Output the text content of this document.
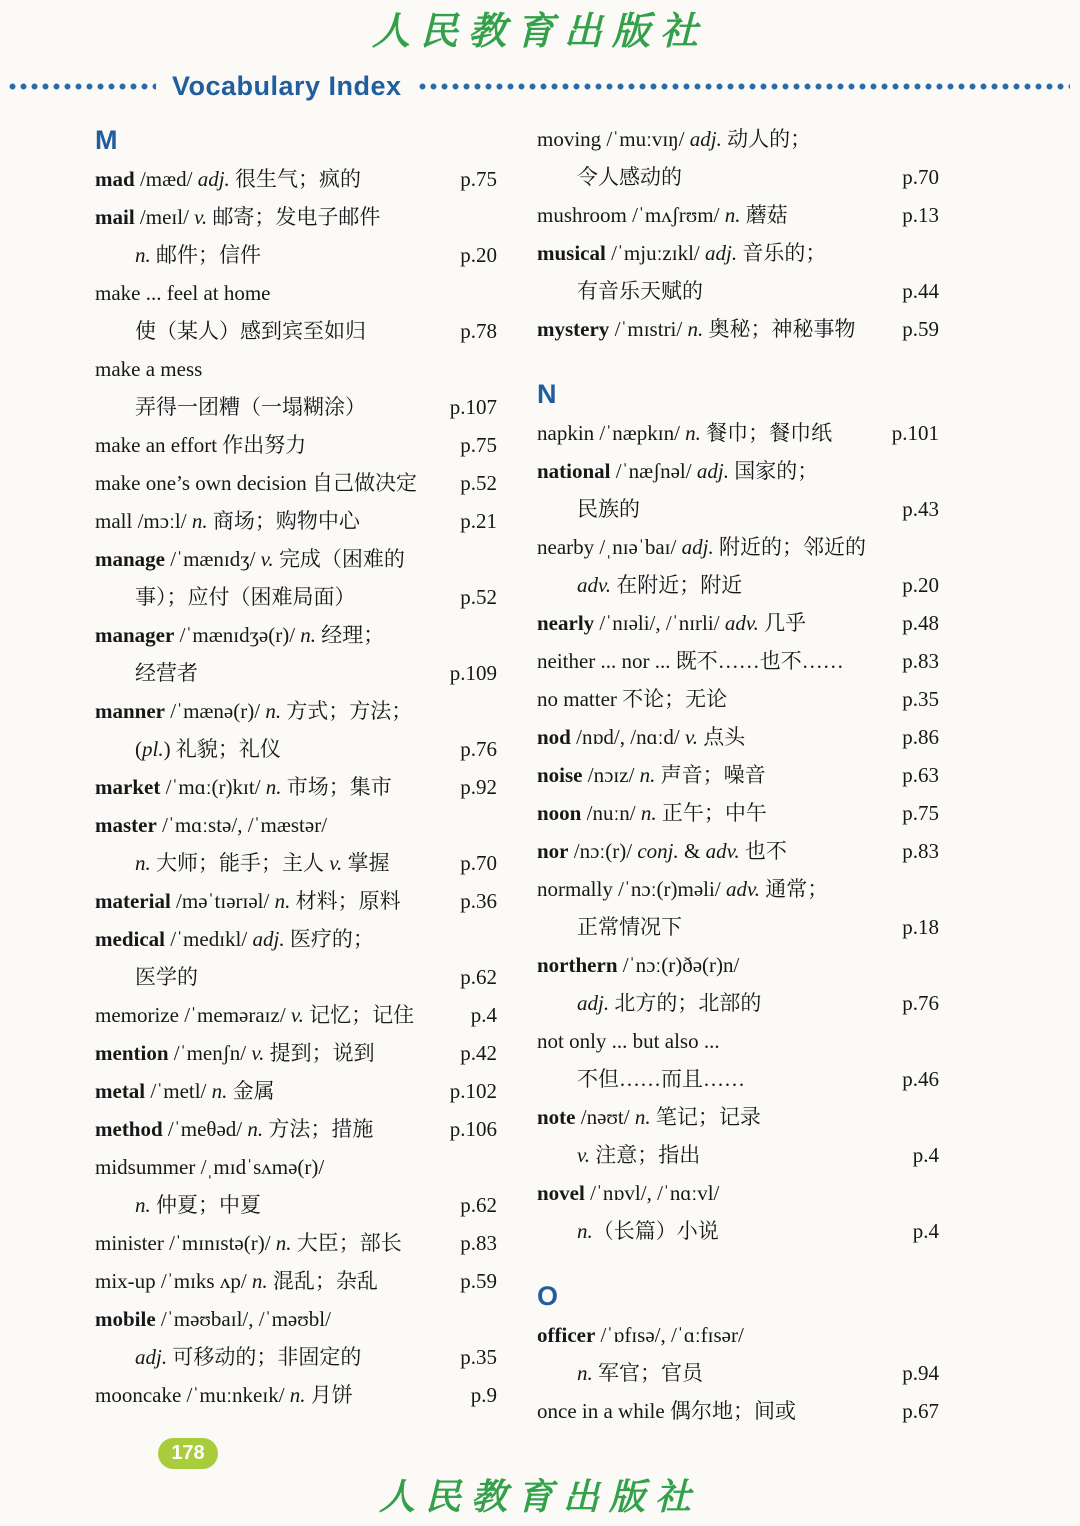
人民教育出版社
Vocabulary Index
M
mad /mæd/ adj. 很生气；疯的	p.75
mail /meɪl/ v. 邮寄；发电子邮件
n. 邮件；信件	p.20
make ... feel at home
使（某人）感到宾至如归	p.78
make a mess
弄得一团糟（一塌糊涂）	p.107
make an effort 作出努力	p.75
make one’s own decision 自己做决定	p.52
mall /mɔːl/ n. 商场；购物中心	p.21
manage /ˈmænɪdʒ/ v. 完成（困难的
事）；应付（困难局面）	p.52
manager /ˈmænɪdʒə(r)/ n. 经理；
经营者	p.109
manner /ˈmænə(r)/ n. 方式；方法；
(pl.) 礼貌；礼仪	p.76
market /ˈmɑː(r)kɪt/ n. 市场；集市	p.92
master /ˈmɑːstə/, /ˈmæstər/
n. 大师；能手；主人 v. 掌握	p.70
material /məˈtɪərɪəl/ n. 材料；原料	p.36
medical /ˈmedɪkl/ adj. 医疗的；
医学的	p.62
memorize /ˈmeməraɪz/ v. 记忆；记住	p.4
mention /ˈmenʃn/ v. 提到；说到	p.42
metal /ˈmetl/ n. 金属	p.102
method /ˈmeθəd/ n. 方法；措施	p.106
midsummer /ˌmɪdˈsʌmə(r)/
n. 仲夏；中夏	p.62
minister /ˈmɪnɪstə(r)/ n. 大臣；部长	p.83
mix-up /ˈmɪks ʌp/ n. 混乱；杂乱	p.59
mobile /ˈməʊbaɪl/, /ˈməʊbl/
adj. 可移动的；非固定的	p.35
mooncake /ˈmuːnkeɪk/ n. 月饼	p.9
moving /ˈmuːvɪŋ/ adj. 动人的；
令人感动的	p.70
mushroom /ˈmʌʃrʊm/ n. 蘑菇	p.13
musical /ˈmjuːzɪkl/ adj. 音乐的；
有音乐天赋的	p.44
mystery /ˈmɪstri/ n. 奥秘；神秘事物	p.59
N
napkin /ˈnæpkɪn/ n. 餐巾；餐巾纸	p.101
national /ˈnæʃnəl/ adj. 国家的；
民族的	p.43
nearby /ˌnɪəˈbaɪ/ adj. 附近的；邻近的
adv. 在附近；附近	p.20
nearly /ˈnɪəli/, /ˈnɪrli/ adv. 几乎	p.48
neither ... nor ... 既不……也不……	p.83
no matter 不论；无论	p.35
nod /nɒd/, /nɑːd/ v. 点头	p.86
noise /nɔɪz/ n. 声音；噪音	p.63
noon /nuːn/ n. 正午；中午	p.75
nor /nɔː(r)/ conj. & adv. 也不	p.83
normally /ˈnɔː(r)məli/ adv. 通常；
正常情况下	p.18
northern /ˈnɔː(r)ðə(r)n/
adj. 北方的；北部的	p.76
not only ... but also ...
不但……而且……	p.46
note /nəʊt/ n. 笔记；记录
v. 注意；指出	p.4
novel /ˈnɒvl/, /ˈnɑːvl/
n.（长篇）小说	p.4
O
officer /ˈɒfɪsə/, /ˈɑːfɪsər/
n. 军官；官员	p.94
once in a while 偶尔地；间或	p.67
178
人民教育出版社
